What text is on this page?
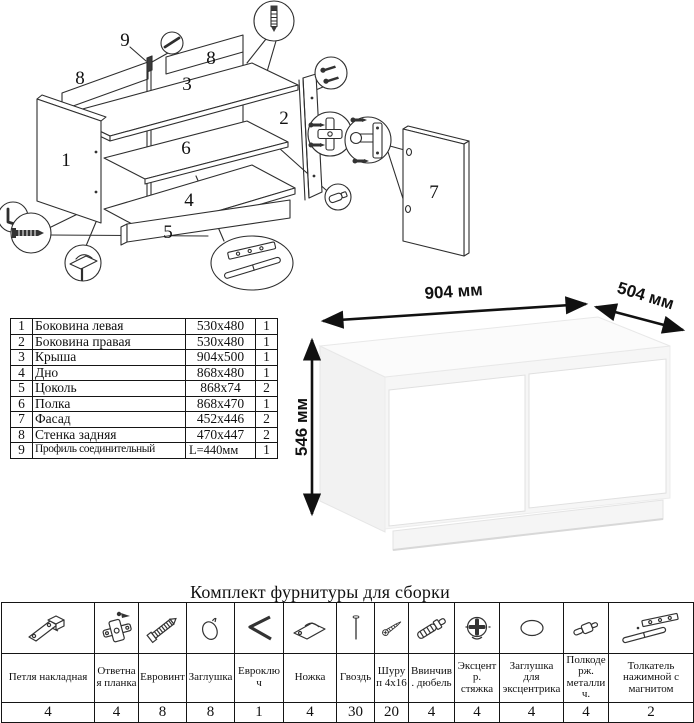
1
2
3
4
5
6
7
8
8
9
904 мм	504 мм
546 мм
1	Боковина левая	530x480	1
2	Боковина правая	530x480	1
3	Крыша	904x500	1
4	Дно	868x480	1
5	Цоколь	868x74	2
6	Полка	868x470	1
7	Фасад	452x446	2
8	Стенка задняя	470x447	2
9	Профиль соединительный	L=440мм	1
Комплект фурнитуры для сборки

Петля накладная	Ответная планка	Евровинт	Заглушка	Евроключ	Ножка	Гвоздь	Шуруп 4x16	Ввинчив. дюбель	Эксцентр. стяжка	Заглушка для эксцентрика	Полкодерж. металлич.	Толкатель нажимной с магнитом
4	4	8	8	1	4	30	20	4	4	4	4	2
